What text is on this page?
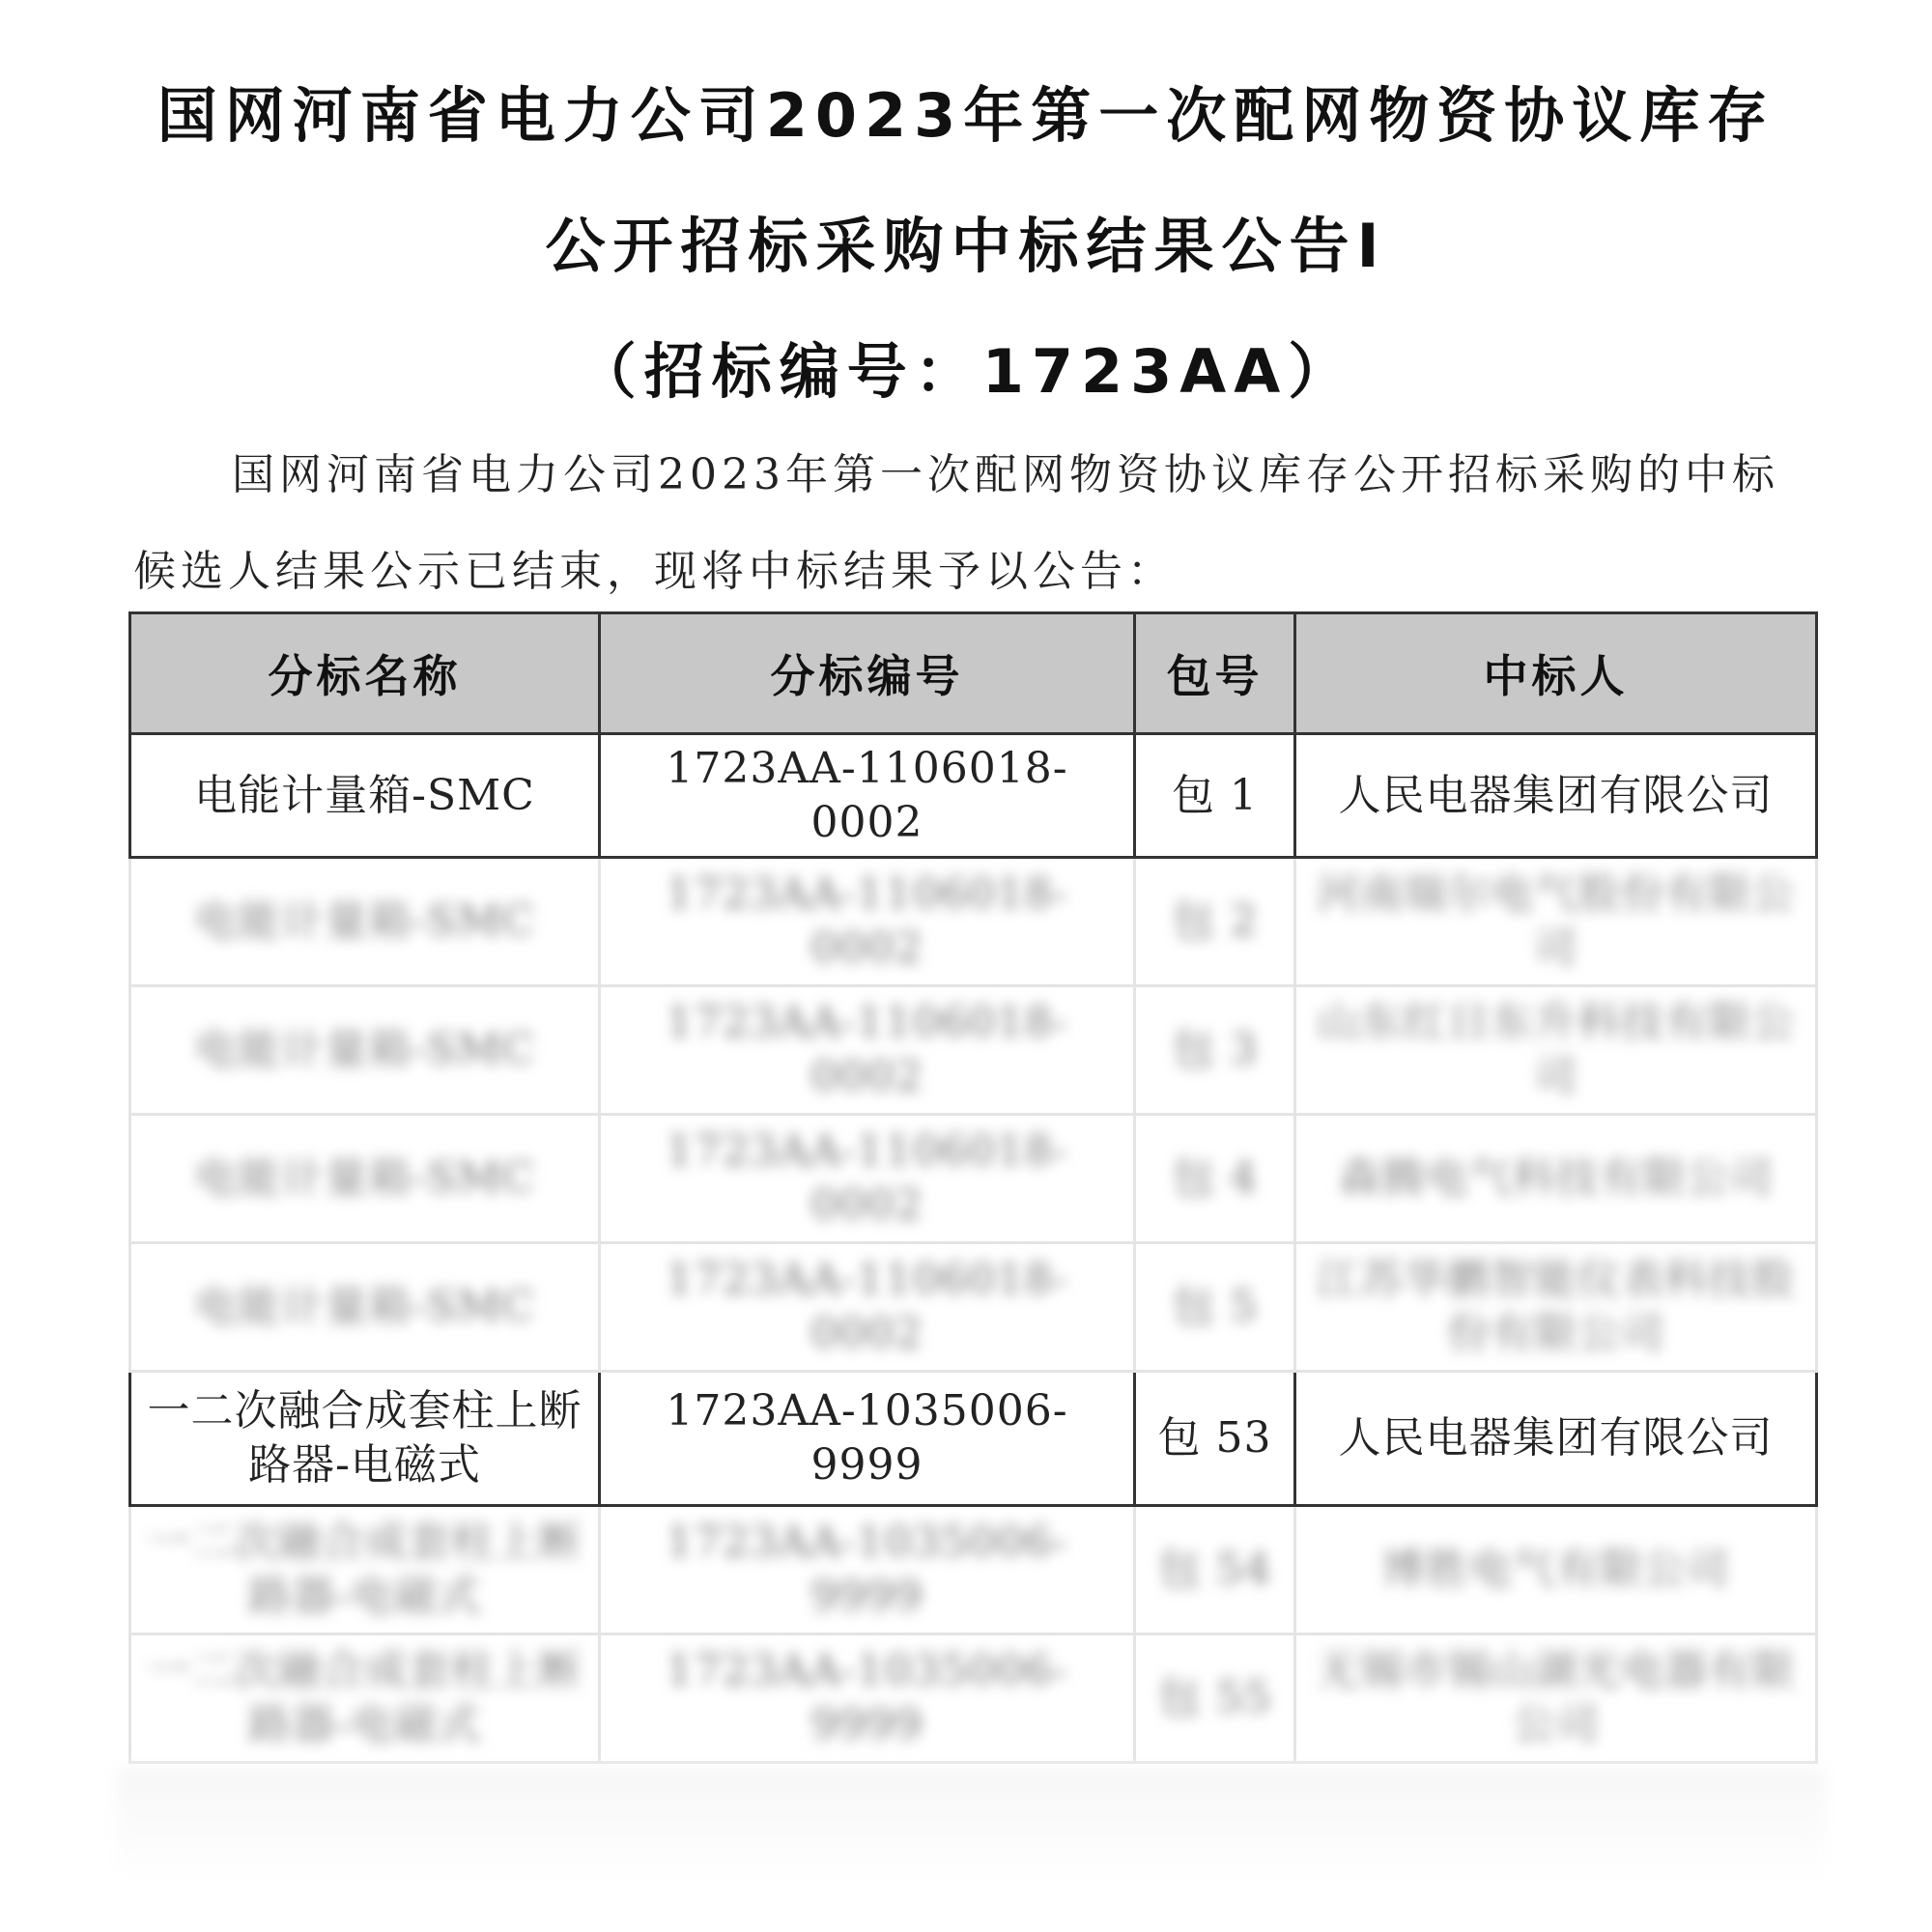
国网河南省电力公司2023年第一次配网物资协议库存
公开招标采购中标结果公告Ⅰ
（招标编号：1723AA）
国网河南省电力公司2023年第一次配网物资协议库存公开招标采购的中标
候选人结果公示已结束，现将中标结果予以公告：
分标名称	分标编号	包号	中标人
电能计量箱-SMC	1723AA-1106018-0002	包 1	人民电器集团有限公司
电能计量箱-SMC	1723AA-1106018-0002	包 2	河南瑞尔电气股份有限公司
电能计量箱-SMC	1723AA-1106018-0002	包 3	山东红日东升科技有限公司
电能计量箱-SMC	1723AA-1106018-0002	包 4	森腾电气科技有限公司
电能计量箱-SMC	1723AA-1106018-0002	包 5	江苏华鹏智能仪表科技股份有限公司
一二次融合成套柱上断路器-电磁式	1723AA-1035006-9999	包 53	人民电器集团有限公司
一二次融合成套柱上断路器-电磁式	1723AA-1035006-9999	包 54	博胜电气有限公司
一二次融合成套柱上断路器-电磁式	1723AA-1035006-9999	包 55	无锡市锡山湖光电器有限公司
